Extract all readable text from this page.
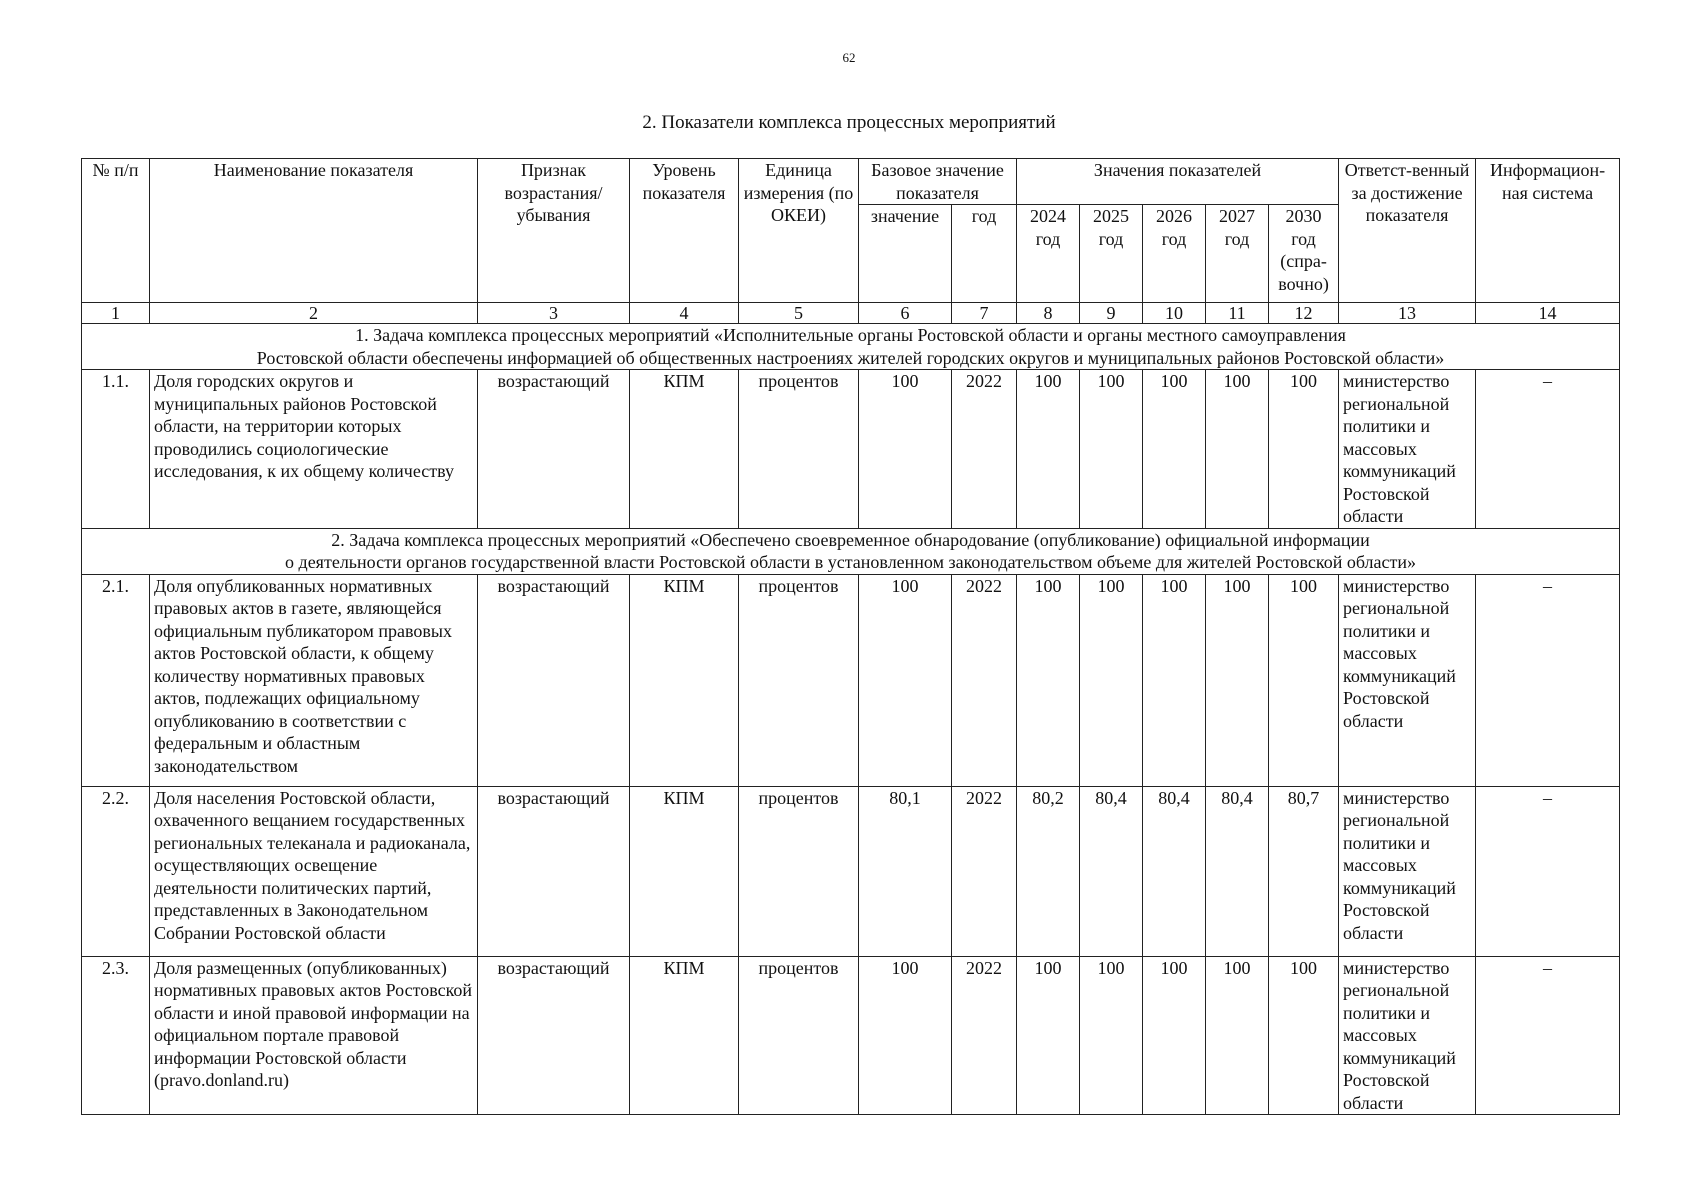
62
2. Показатели комплекса процессных мероприятий
№ п/п	Наименование показателя	Признак возрастания/ убывания	Уровень показателя	Единица измерения (по ОКЕИ)	Базовое значение показателя		Значения показателей					Ответст-венный за достижение показателя	Информацион-ная система

					значение	год	2024 год	2025 год	2026 год	2027 год	2030 год (спра-вочно)		
1	2	3	4	5	6	7	8	9	10	11	12	13	14

1. Задача комплекса процессных мероприятий «Исполнительные органы Ростовской области и органы местного самоуправления
Ростовской области обеспечены информацией об общественных настроениях жителей городских округов и муниципальных районов Ростовской области»													

1.1.	Доля городских округов и муниципальных районов Ростовской области, на территории которых проводились социологические исследования, к их общему количеству	возрастающий	КПМ	процентов	100	2022	100	100	100	100	100	министерство региональной политики и массовых коммуникаций Ростовской области	–

2. Задача комплекса процессных мероприятий «Обеспечено своевременное обнародование (опубликование) официальной информации
о деятельности органов государственной власти Ростовской области в установленном законодательством объеме для жителей Ростовской области»													

2.1.	Доля опубликованных нормативных правовых актов в газете, являющейся официальным публикатором правовых актов Ростовской области, к общему количеству нормативных правовых актов, подлежащих официальному опубликованию в соответствии с федеральным и областным законодательством	возрастающий	КПМ	процентов	100	2022	100	100	100	100	100	министерство региональной политики и массовых коммуникаций Ростовской области	–
2.2.	Доля населения Ростовской области, охваченного вещанием государственных региональных телеканала и радиоканала, осуществляющих освещение деятельности политических партий, представленных в Законодательном Собрании Ростовской области	возрастающий	КПМ	процентов	80,1	2022	80,2	80,4	80,4	80,4	80,7	министерство региональной политики и массовых коммуникаций Ростовской области	–
2.3.	Доля размещенных (опубликованных) нормативных правовых актов Ростовской области и иной правовой информации на официальном портале правовой информации Ростовской области (pravo.donland.ru)	возрастающий	КПМ	процентов	100	2022	100	100	100	100	100	министерство региональной политики и массовых коммуникаций Ростовской области	–
